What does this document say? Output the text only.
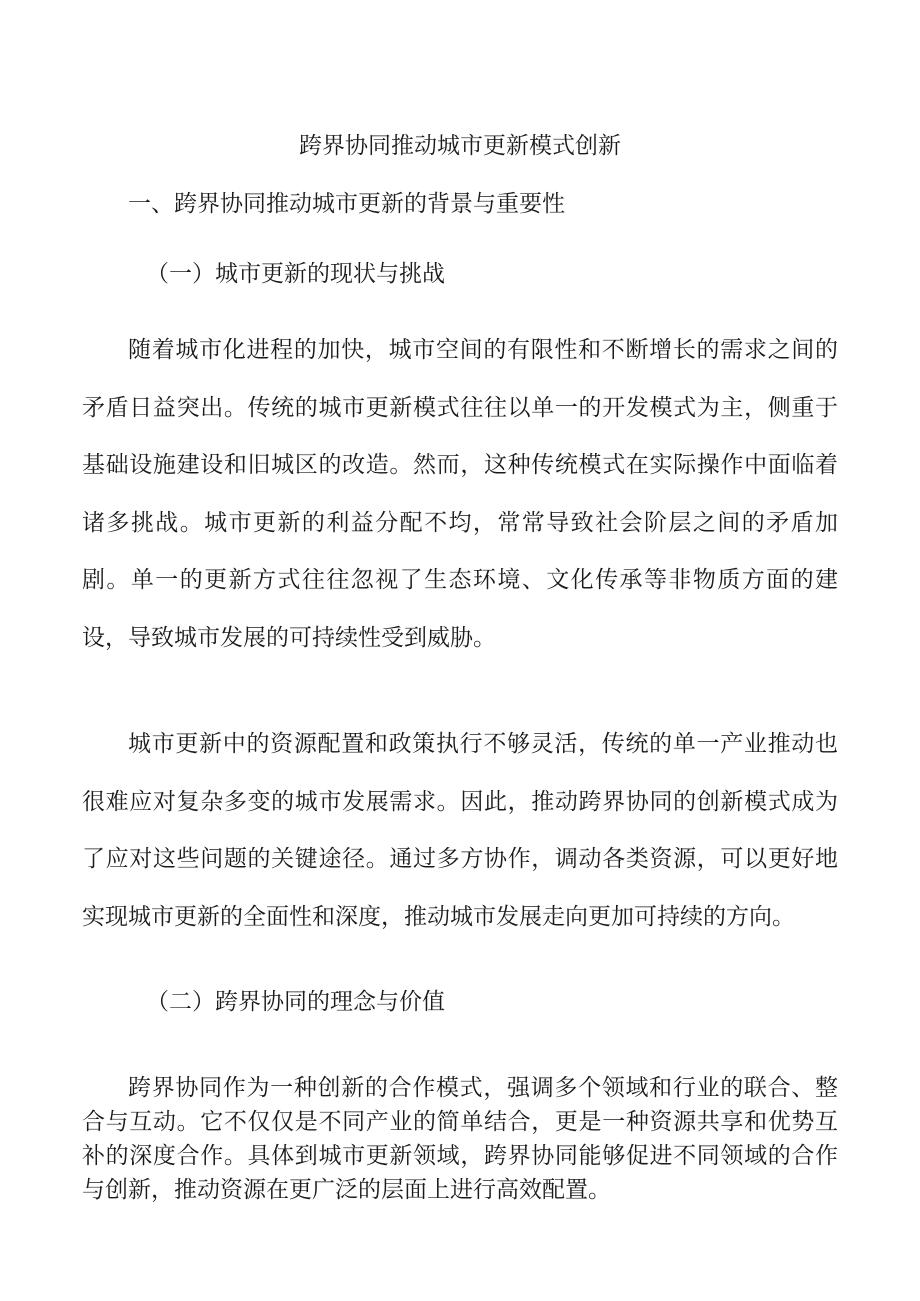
跨界协同推动城市更新模式创新
一、跨界协同推动城市更新的背景与重要性
（一）城市更新的现状与挑战

随着城市化进程的加快，城市空间的有限性和不断增长的需求之间的矛盾日益突出。传统的城市更新模式往往以单一的开发模式为主，侧重于基础设施建设和旧城区的改造。然而，这种传统模式在实际操作中面临着诸多挑战。城市更新的利益分配不均，常常导致社会阶层之间的矛盾加剧。单一的更新方式往往忽视了生态环境、文化传承等非物质方面的建设，导致城市发展的可持续性受到威胁。

城市更新中的资源配置和政策执行不够灵活，传统的单一产业推动也很难应对复杂多变的城市发展需求。因此，推动跨界协同的创新模式成为了应对这些问题的关键途径。通过多方协作，调动各类资源，可以更好地实现城市更新的全面性和深度，推动城市发展走向更加可持续的方向。

（二）跨界协同的理念与价值

跨界协同作为一种创新的合作模式，强调多个领域和行业的联合、整合与互动。它不仅仅是不同产业的简单结合，更是一种资源共享和优势互补的深度合作。具体到城市更新领域，跨界协同能够促进不同领域的合作与创新，推动资源在更广泛的层面上进行高效配置。
